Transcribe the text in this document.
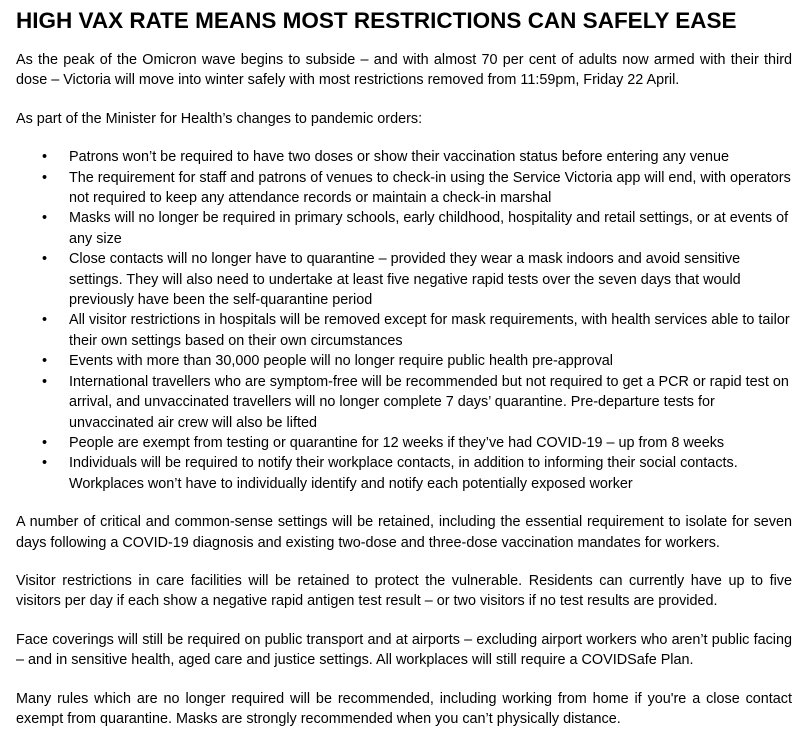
HIGH VAX RATE MEANS MOST RESTRICTIONS CAN SAFELY EASE

As the peak of the Omicron wave begins to subside – and with almost 70 per cent of adults now armed with their third dose – Victoria will move into winter safely with most restrictions removed from 11:59pm, Friday 22 April.

As part of the Minister for Health’s changes to pandemic orders:

• Patrons won’t be required to have two doses or show their vaccination status before entering any venue
• The requirement for staff and patrons of venues to check-in using the Service Victoria app will end, with operators not required to keep any attendance records or maintain a check-in marshal
• Masks will no longer be required in primary schools, early childhood, hospitality and retail settings, or at events of any size
• Close contacts will no longer have to quarantine – provided they wear a mask indoors and avoid sensitive settings. They will also need to undertake at least five negative rapid tests over the seven days that would previously have been the self-quarantine period
• All visitor restrictions in hospitals will be removed except for mask requirements, with health services able to tailor their own settings based on their own circumstances
• Events with more than 30,000 people will no longer require public health pre-approval
• International travellers who are symptom-free will be recommended but not required to get a PCR or rapid test on arrival, and unvaccinated travellers will no longer complete 7 days’ quarantine. Pre-departure tests for unvaccinated air crew will also be lifted
• People are exempt from testing or quarantine for 12 weeks if they’ve had COVID-19 – up from 8 weeks
• Individuals will be required to notify their workplace contacts, in addition to informing their social contacts. Workplaces won’t have to individually identify and notify each potentially exposed worker

A number of critical and common-sense settings will be retained, including the essential requirement to isolate for seven days following a COVID-19 diagnosis and existing two-dose and three-dose vaccination mandates for workers.

Visitor restrictions in care facilities will be retained to protect the vulnerable. Residents can currently have up to five visitors per day if each show a negative rapid antigen test result – or two visitors if no test results are provided.

Face coverings will still be required on public transport and at airports – excluding airport workers who aren’t public facing – and in sensitive health, aged care and justice settings. All workplaces will still require a COVIDSafe Plan.

Many rules which are no longer required will be recommended, including working from home if you're a close contact exempt from quarantine. Masks are strongly recommended when you can’t physically distance.
